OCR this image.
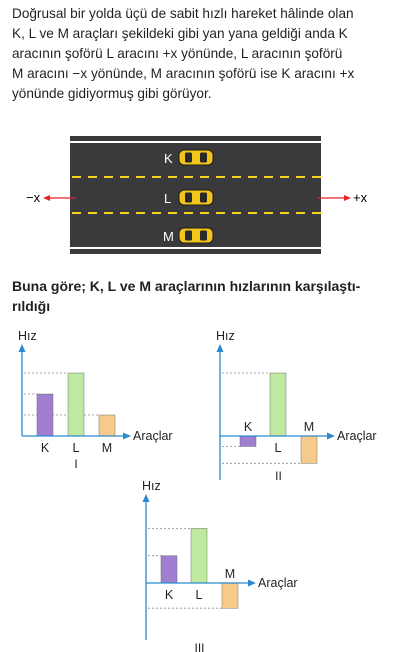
Doğrusal bir yolda üçü de sabit hızlı hareket hâlinde olan
K, L ve M araçları şekildeki gibi yan yana geldiği anda K
aracının şoförü L aracını +x yönünde, L aracının şoförü
M aracını −x yönünde, M aracının şoförü ise K aracını +x
yönünde gidiyormuş gibi görüyor.
−x	+x
K
L
M
Buna göre; K, L ve M araçlarının hızlarının karşılaştı-
rıldığı
Hız
Araçlar
K L M
I
Hız
Araçlar
K
L
M
II
Hız
Araçlar
K L
M
III
